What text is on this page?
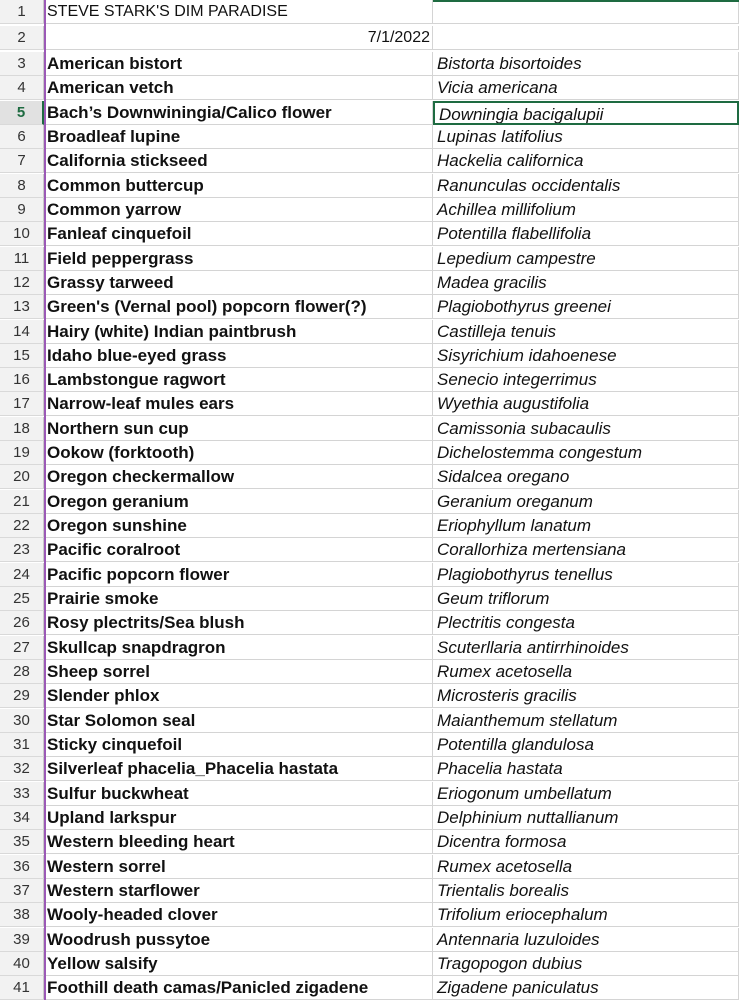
1	STEVE STARK'S DIM PARADISE
2	7/1/2022
3	American bistort	Bistorta bisortoides
4	American vetch	Vicia americana
5	Bach’s Downwiningia/Calico flower	Downingia bacigalupii
6	Broadleaf lupine	Lupinas latifolius
7	California stickseed	Hackelia californica
8	Common buttercup	Ranunculas occidentalis
9	Common yarrow	Achillea millifolium
10	Fanleaf cinquefoil	Potentilla flabellifolia
11	Field peppergrass	Lepedium campestre
12	Grassy tarweed	Madea gracilis
13	Green's (Vernal pool) popcorn flower(?)	Plagiobothyrus greenei
14	Hairy (white) Indian paintbrush	Castilleja tenuis
15	Idaho blue-eyed grass	Sisyrichium idahoenese
16	Lambstongue ragwort	Senecio integerrimus
17	Narrow-leaf mules ears	Wyethia augustifolia
18	Northern sun cup	Camissonia subacaulis
19	Ookow (forktooth)	Dichelostemma congestum
20	Oregon checkermallow	Sidalcea oregano
21	Oregon geranium	Geranium oreganum
22	Oregon sunshine	Eriophyllum lanatum
23	Pacific coralroot	Corallorhiza mertensiana
24	Pacific popcorn flower	Plagiobothyrus tenellus
25	Prairie smoke	Geum triflorum
26	Rosy plectrits/Sea blush	Plectritis congesta
27	Skullcap snapdragron	Scuterllaria antirrhinoides
28	Sheep sorrel	Rumex acetosella
29	Slender phlox	Microsteris gracilis
30	Star Solomon seal	Maianthemum stellatum
31	Sticky cinquefoil	Potentilla glandulosa
32	Silverleaf phacelia_Phacelia hastata	Phacelia hastata
33	Sulfur buckwheat	Eriogonum umbellatum
34	Upland larkspur	Delphinium nuttallianum
35	Western bleeding heart	Dicentra formosa
36	Western sorrel	Rumex acetosella
37	Western starflower	Trientalis borealis
38	Wooly-headed clover	Trifolium eriocephalum
39	Woodrush pussytoe	Antennaria luzuloides
40	Yellow salsify	Tragopogon dubius
41	Foothill death camas/Panicled zigadene	Zigadene paniculatus
